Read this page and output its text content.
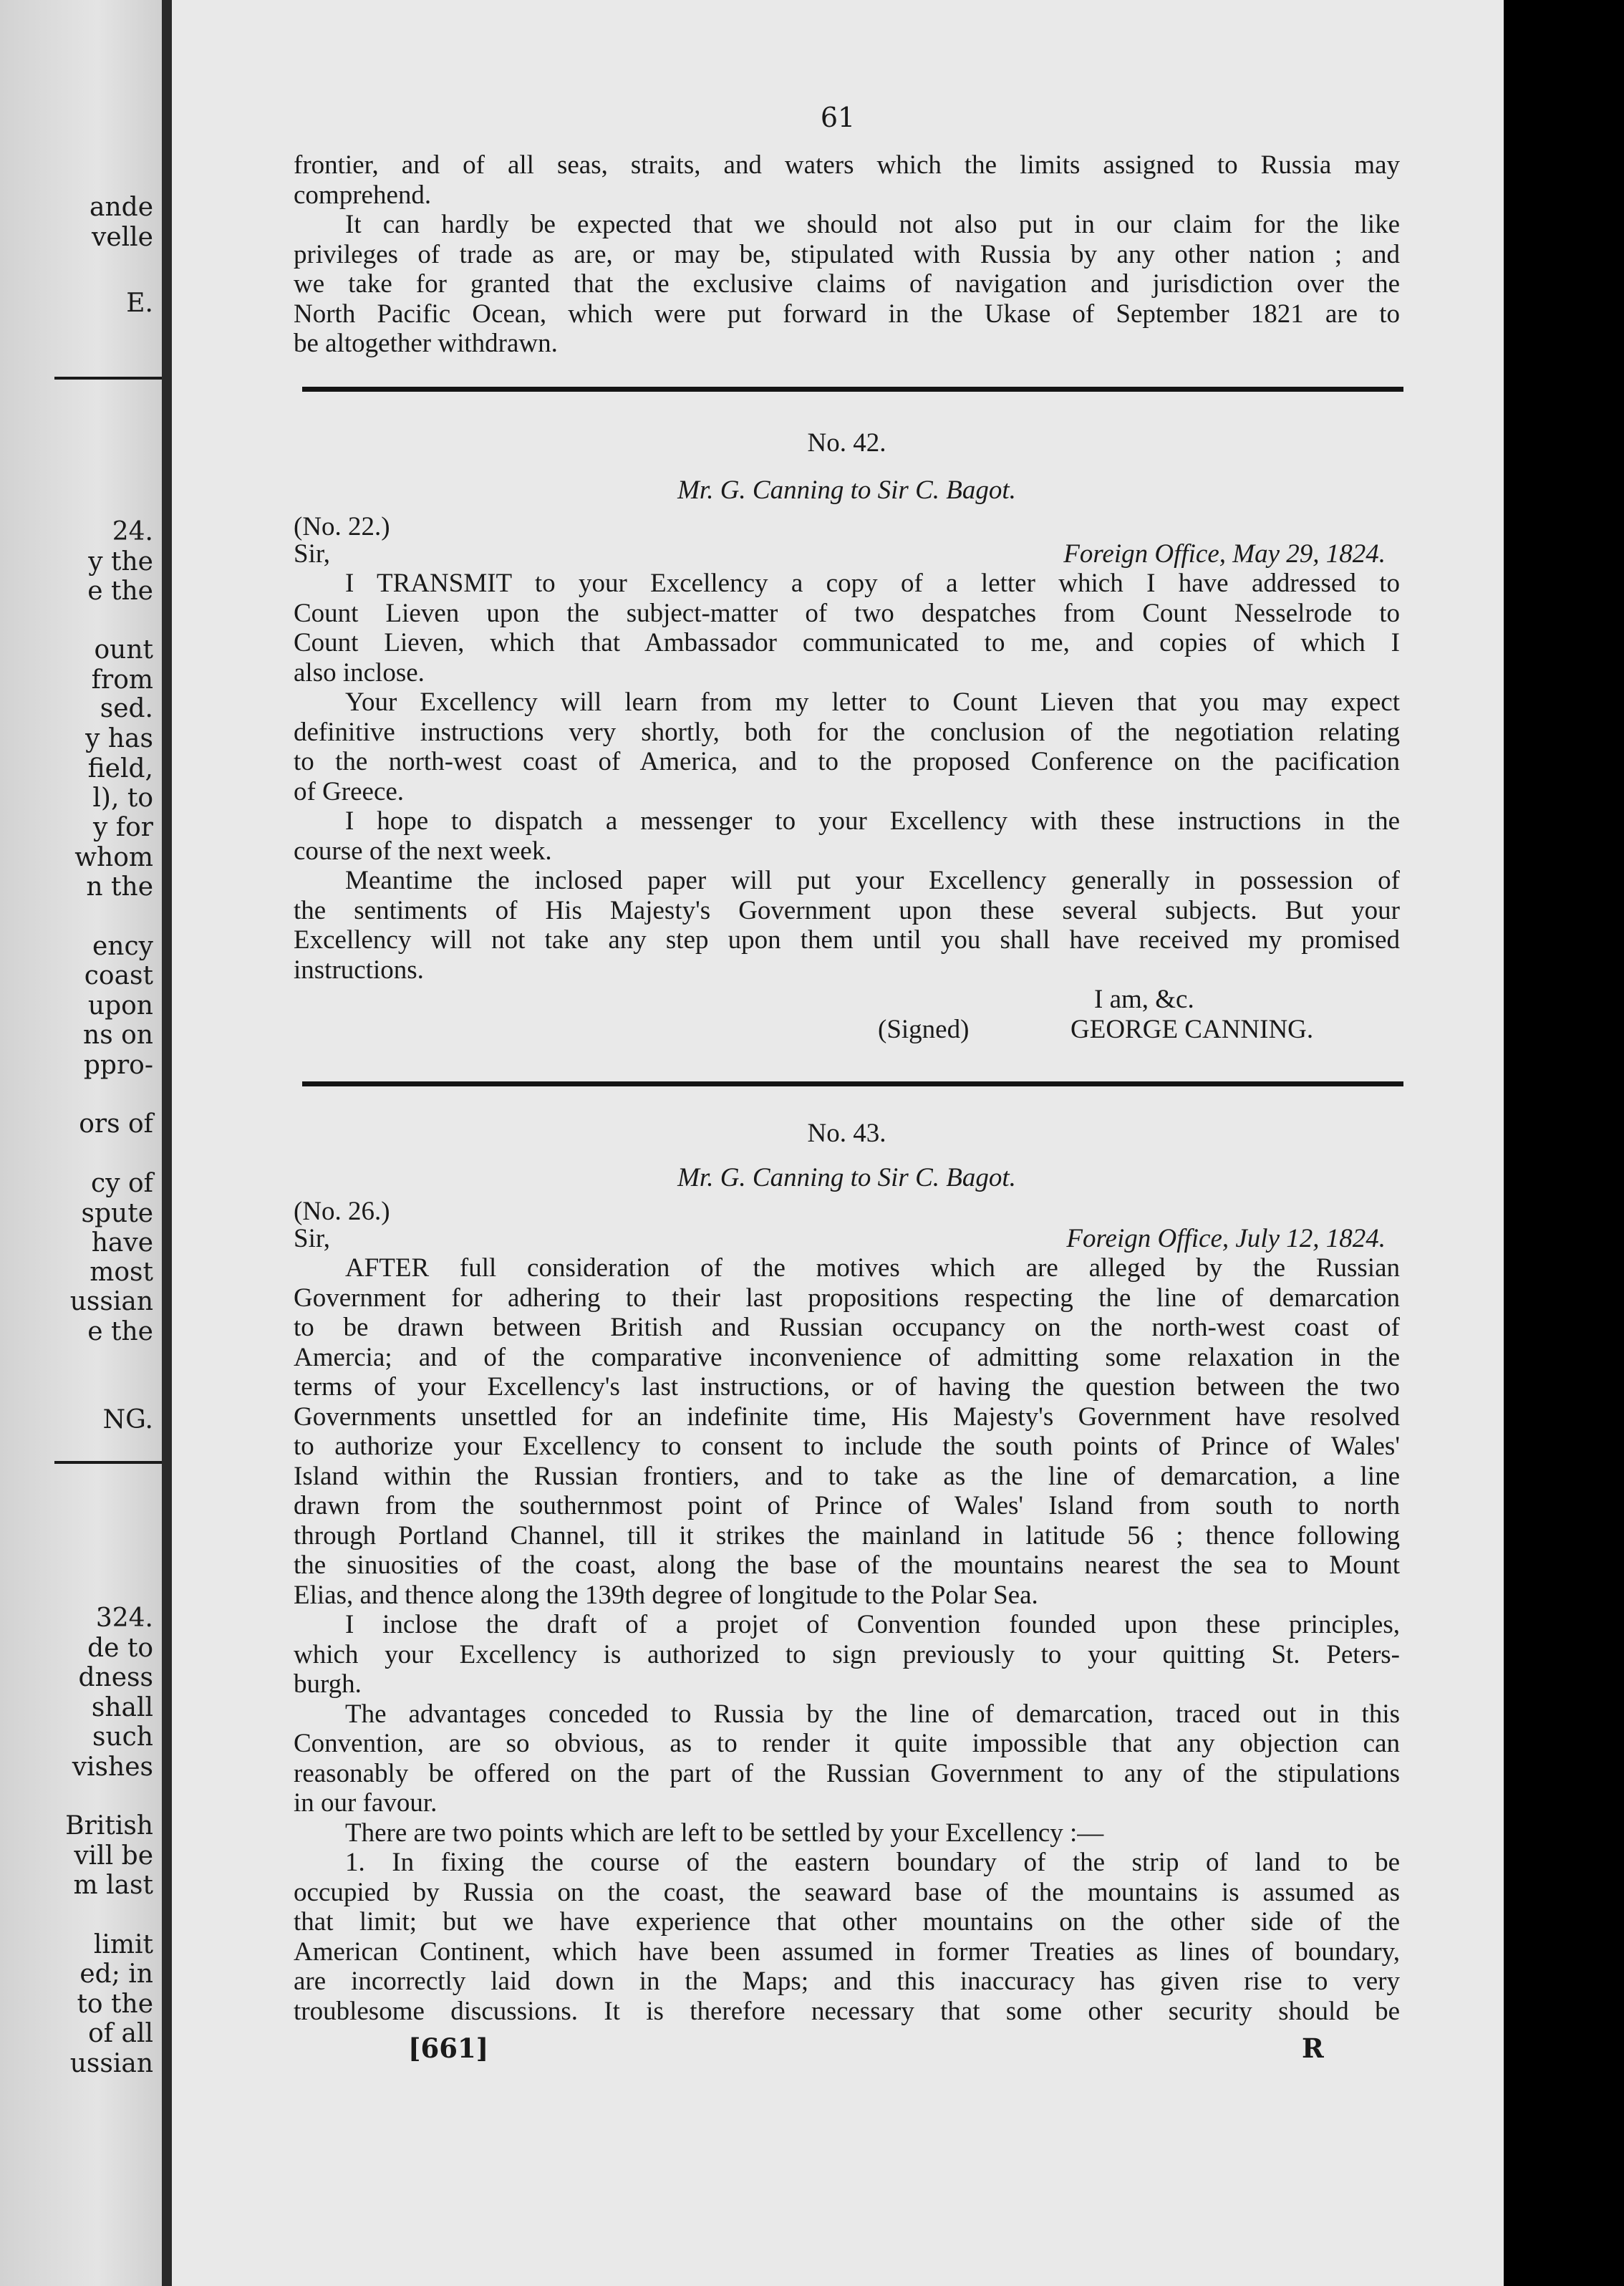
ande
velle
E.
24.
y the
e the
ount
from
sed.
y has
field,
l), to
y for
whom
n the
ency
coast
upon
ns on
ppro-
ors of
cy of
spute
have
most
ussian
e the
NG.
324.
de to
dness
shall
such
vishes
British
vill be
m last
limit
ed; in
to the
of all
ussian
61
frontier, and of all seas, straits, and waters which the limits assigned to Russia may
comprehend.
It can hardly be expected that we should not also put in our claim for the like
privileges of trade as are, or may be, stipulated with Russia by any other nation ; and
we take for granted that the exclusive claims of navigation and jurisdiction over the
North Pacific Ocean, which were put forward in the Ukase of September 1821 are to
be altogether withdrawn.
No. 42.
Mr. G. Canning to Sir C. Bagot.
(No. 22.)
Sir,	Foreign Office, May 29, 1824.
I TRANSMIT to your Excellency a copy of a letter which I have addressed to
Count Lieven upon the subject-matter of two despatches from Count Nesselrode to
Count Lieven, which that Ambassador communicated to me, and copies of which I
also inclose.
Your Excellency will learn from my letter to Count Lieven that you may expect
definitive instructions very shortly, both for the conclusion of the negotiation relating
to the north-west coast of America, and to the proposed Conference on the pacification
of Greece.
I hope to dispatch a messenger to your Excellency with these instructions in the
course of the next week.
Meantime the inclosed paper will put your Excellency generally in possession of
the sentiments of His Majesty's Government upon these several subjects. But your
Excellency will not take any step upon them until you shall have received my promised
instructions.
I am, &c.
(Signed)	GEORGE CANNING.
No. 43.
Mr. G. Canning to Sir C. Bagot.
(No. 26.)
Sir,	Foreign Office, July 12, 1824.
AFTER full consideration of the motives which are alleged by the Russian
Government for adhering to their last propositions respecting the line of demarcation
to be drawn between British and Russian occupancy on the north-west coast of
Amercia; and of the comparative inconvenience of admitting some relaxation in the
terms of your Excellency's last instructions, or of having the question between the two
Governments unsettled for an indefinite time, His Majesty's Government have resolved
to authorize your Excellency to consent to include the south points of Prince of Wales'
Island within the Russian frontiers, and to take as the line of demarcation, a line
drawn from the southernmost point of Prince of Wales' Island from south to north
through Portland Channel, till it strikes the mainland in latitude 56 ; thence following
the sinuosities of the coast, along the base of the mountains nearest the sea to Mount
Elias, and thence along the 139th degree of longitude to the Polar Sea.
I inclose the draft of a projet of Convention founded upon these principles,
which your Excellency is authorized to sign previously to your quitting St. Peters-
burgh.
The advantages conceded to Russia by the line of demarcation, traced out in this
Convention, are so obvious, as to render it quite impossible that any objection can
reasonably be offered on the part of the Russian Government to any of the stipulations
in our favour.
There are two points which are left to be settled by your Excellency :—
1. In fixing the course of the eastern boundary of the strip of land to be
occupied by Russia on the coast, the seaward base of the mountains is assumed as
that limit; but we have experience that other mountains on the other side of the
American Continent, which have been assumed in former Treaties as lines of boundary,
are incorrectly laid down in the Maps; and this inaccuracy has given rise to very
troublesome discussions. It is therefore necessary that some other security should be
[661]	R
